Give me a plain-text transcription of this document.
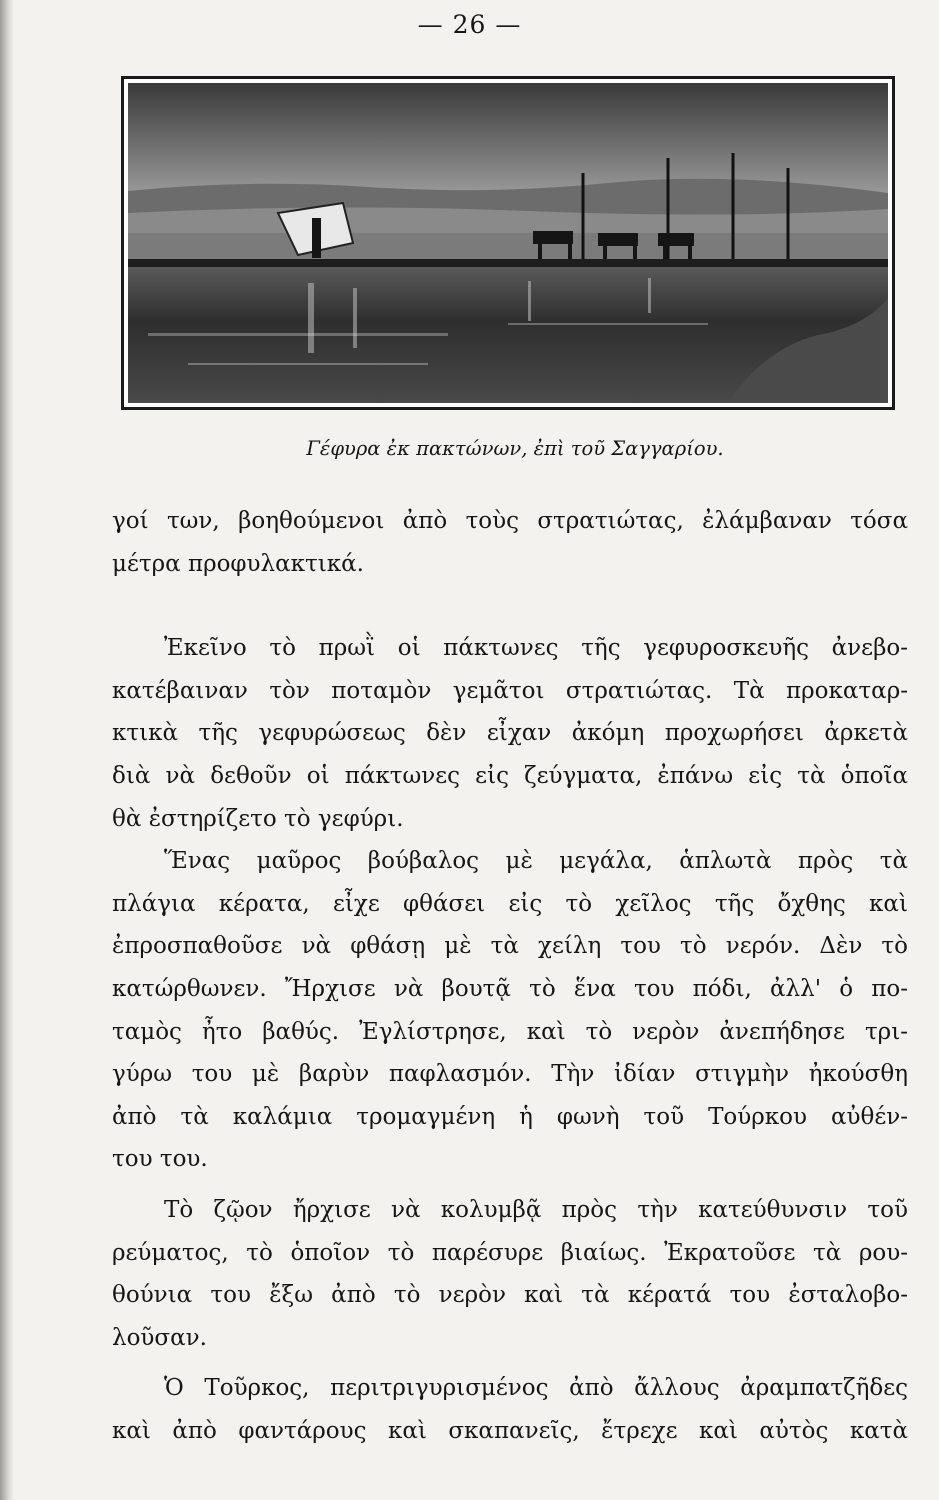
— 26 —
Γέφυρα ἐκ πακτώνων, ἐπὶ τοῦ Σαγγαρίου.

γοί των, βοηθούμενοι ἀπὸ τοὺς στρατιώτας, ἐλάμβαναν τόσα

μέτρα προφυλακτικά.

Ἐκεῖνο τὸ πρωῒ οἱ πάκτωνες τῆς γεφυροσκευῆς ἀνεβο-

κατέβαιναν τὸν ποταμὸν γεμᾶτοι στρατιώτας. Τὰ προκαταρ-

κτικὰ τῆς γεφυρώσεως δὲν εἶχαν ἀκόμη προχωρήσει ἀρκετὰ

διὰ νὰ δεθοῦν οἱ πάκτωνες εἰς ζεύγματα, ἐπάνω εἰς τὰ ὁποῖα

θὰ ἐστηρίζετο τὸ γεφύρι.

Ἕνας μαῦρος βούβαλος μὲ μεγάλα, ἁπλωτὰ πρὸς τὰ

πλάγια κέρατα, εἶχε φθάσει εἰς τὸ χεῖλος τῆς ὄχθης καὶ

ἐπροσπαθοῦσε νὰ φθάσῃ μὲ τὰ χείλη του τὸ νερόν. Δὲν τὸ

κατώρθωνεν. Ἤρχισε νὰ βουτᾷ τὸ ἕνα του πόδι, ἀλλ' ὁ πο-

ταμὸς ἦτο βαθύς. Ἐγλίστρησε, καὶ τὸ νερὸν ἀνεπήδησε τρι-

γύρω του μὲ βαρὺν παφλασμόν. Τὴν ἰδίαν στιγμὴν ἠκούσθη

ἀπὸ τὰ καλάμια τρομαγμένη ἡ φωνὴ τοῦ Τούρκου αὐθέν-

του του.

Τὸ ζῷον ἤρχισε νὰ κολυμβᾷ πρὸς τὴν κατεύθυνσιν τοῦ

ρεύματος, τὸ ὁποῖον τὸ παρέσυρε βιαίως. Ἐκρατοῦσε τὰ ρου-

θούνια του ἔξω ἀπὸ τὸ νερὸν καὶ τὰ κέρατά του ἐσταλοβο-

λοῦσαν.

Ὁ Τοῦρκος, περιτριγυρισμένος ἀπὸ ἄλλους ἀραμπατζῆδες

καὶ ἀπὸ φαντάρους καὶ σκαπανεῖς, ἔτρεχε καὶ αὐτὸς κατὰ
